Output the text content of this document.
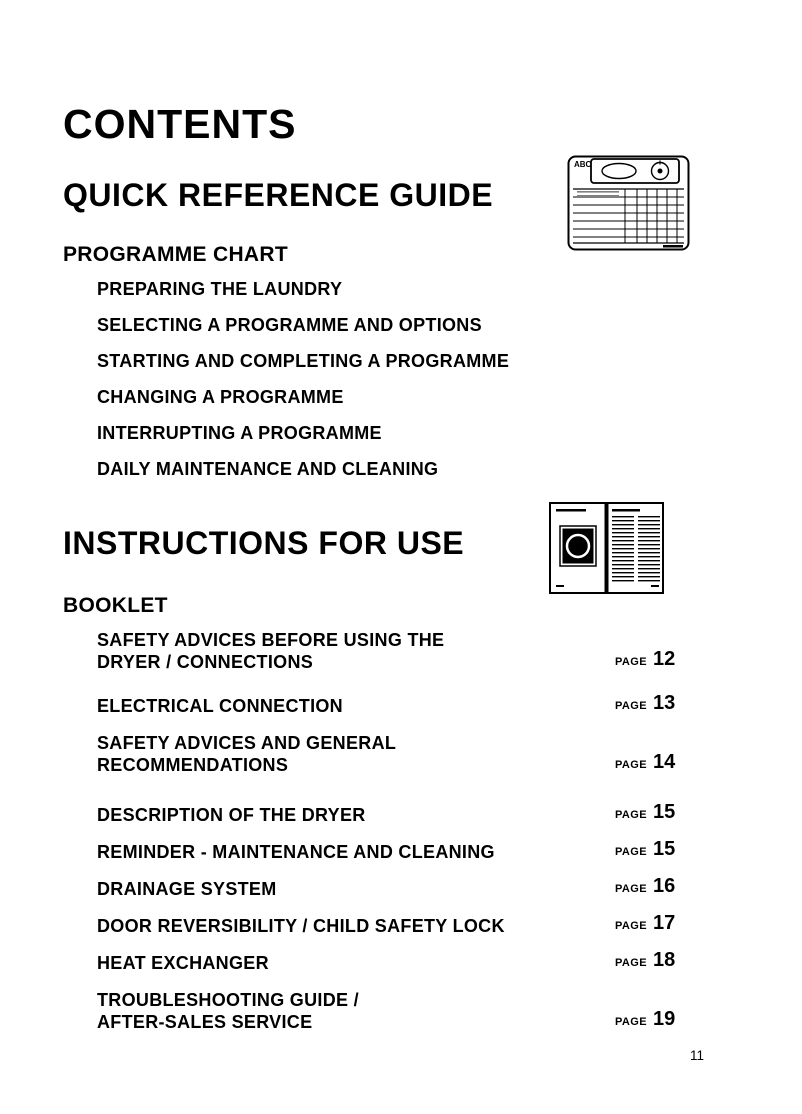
CONTENTS
QUICK REFERENCE GUIDE
ABC
PROGRAMME CHART
PREPARING THE LAUNDRY
SELECTING A PROGRAMME AND OPTIONS
STARTING AND COMPLETING A PROGRAMME
CHANGING A PROGRAMME
INTERRUPTING A PROGRAMME
DAILY MAINTENANCE AND CLEANING
INSTRUCTIONS FOR USE
BOOKLET
SAFETY ADVICES BEFORE USING THE
DRYER / CONNECTIONS	PAGE 12
ELECTRICAL CONNECTION	PAGE 13
SAFETY ADVICES AND GENERAL
RECOMMENDATIONS	PAGE 14
DESCRIPTION OF THE DRYER	PAGE 15
REMINDER - MAINTENANCE AND CLEANING	PAGE 15
DRAINAGE SYSTEM	PAGE 16
DOOR REVERSIBILITY / CHILD SAFETY LOCK	PAGE 17
HEAT EXCHANGER	PAGE 18
TROUBLESHOOTING GUIDE /
AFTER-SALES SERVICE	PAGE 19
11
